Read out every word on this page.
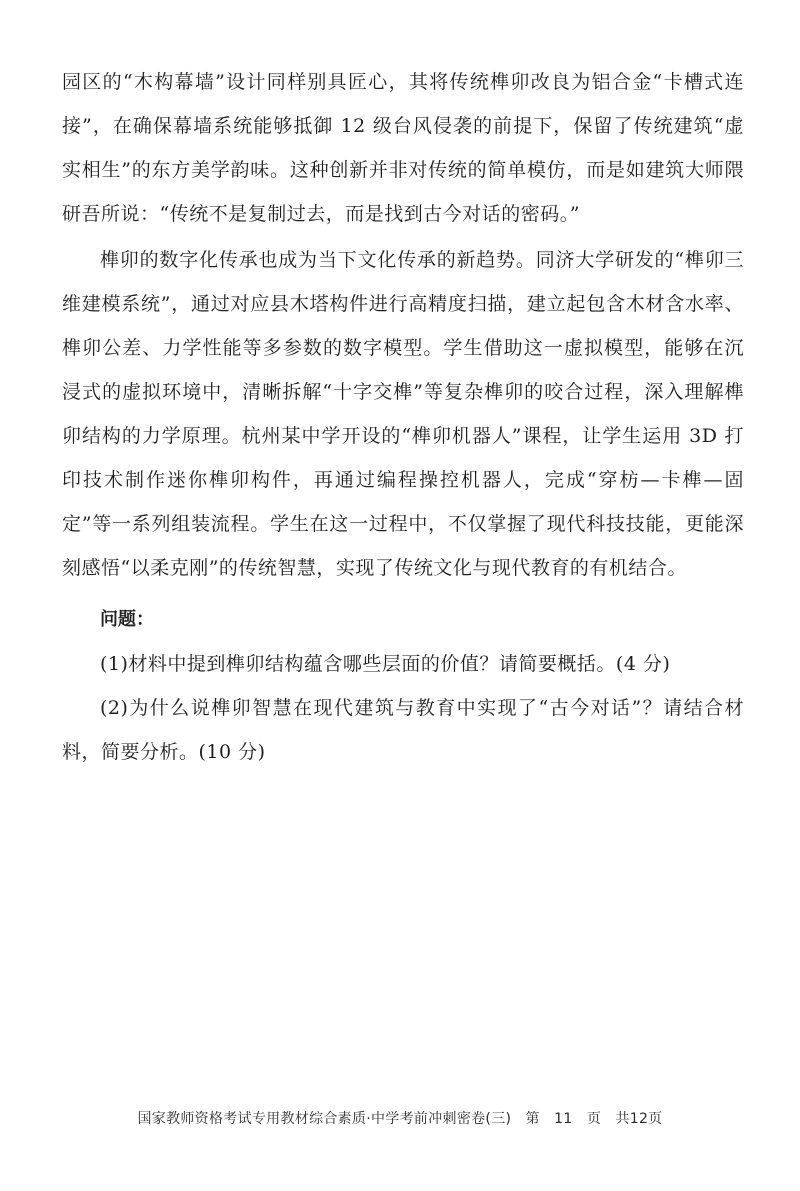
园区的“木构幕墙”设计同样别具匠心，其将传统榫卯改良为铝合金“卡槽式连接”，在确保幕墙系统能够抵御 12 级台风侵袭的前提下，保留了传统建筑“虚实相生”的东方美学韵味。这种创新并非对传统的简单模仿，而是如建筑大师隈研吾所说：“传统不是复制过去，而是找到古今对话的密码。”

榫卯的数字化传承也成为当下文化传承的新趋势。同济大学研发的“榫卯三维建模系统”，通过对应县木塔构件进行高精度扫描，建立起包含木材含水率、榫卯公差、力学性能等多参数的数字模型。学生借助这一虚拟模型，能够在沉浸式的虚拟环境中，清晰拆解“十字交榫”等复杂榫卯的咬合过程，深入理解榫卯结构的力学原理。杭州某中学开设的“榫卯机器人”课程，让学生运用 3D 打印技术制作迷你榫卯构件，再通过编程操控机器人，完成“穿枋—卡榫—固定”等一系列组装流程。学生在这一过程中，不仅掌握了现代科技技能，更能深刻感悟“以柔克刚”的传统智慧，实现了传统文化与现代教育的有机结合。

问题：

(1)材料中提到榫卯结构蕴含哪些层面的价值？请简要概括。(4 分)

(2)为什么说榫卯智慧在现代建筑与教育中实现了“古今对话”？请结合材料，简要分析。(10 分)

国家教师资格考试专用教材综合素质·中学考前冲刺密卷(三)　第　11　页　共12页
